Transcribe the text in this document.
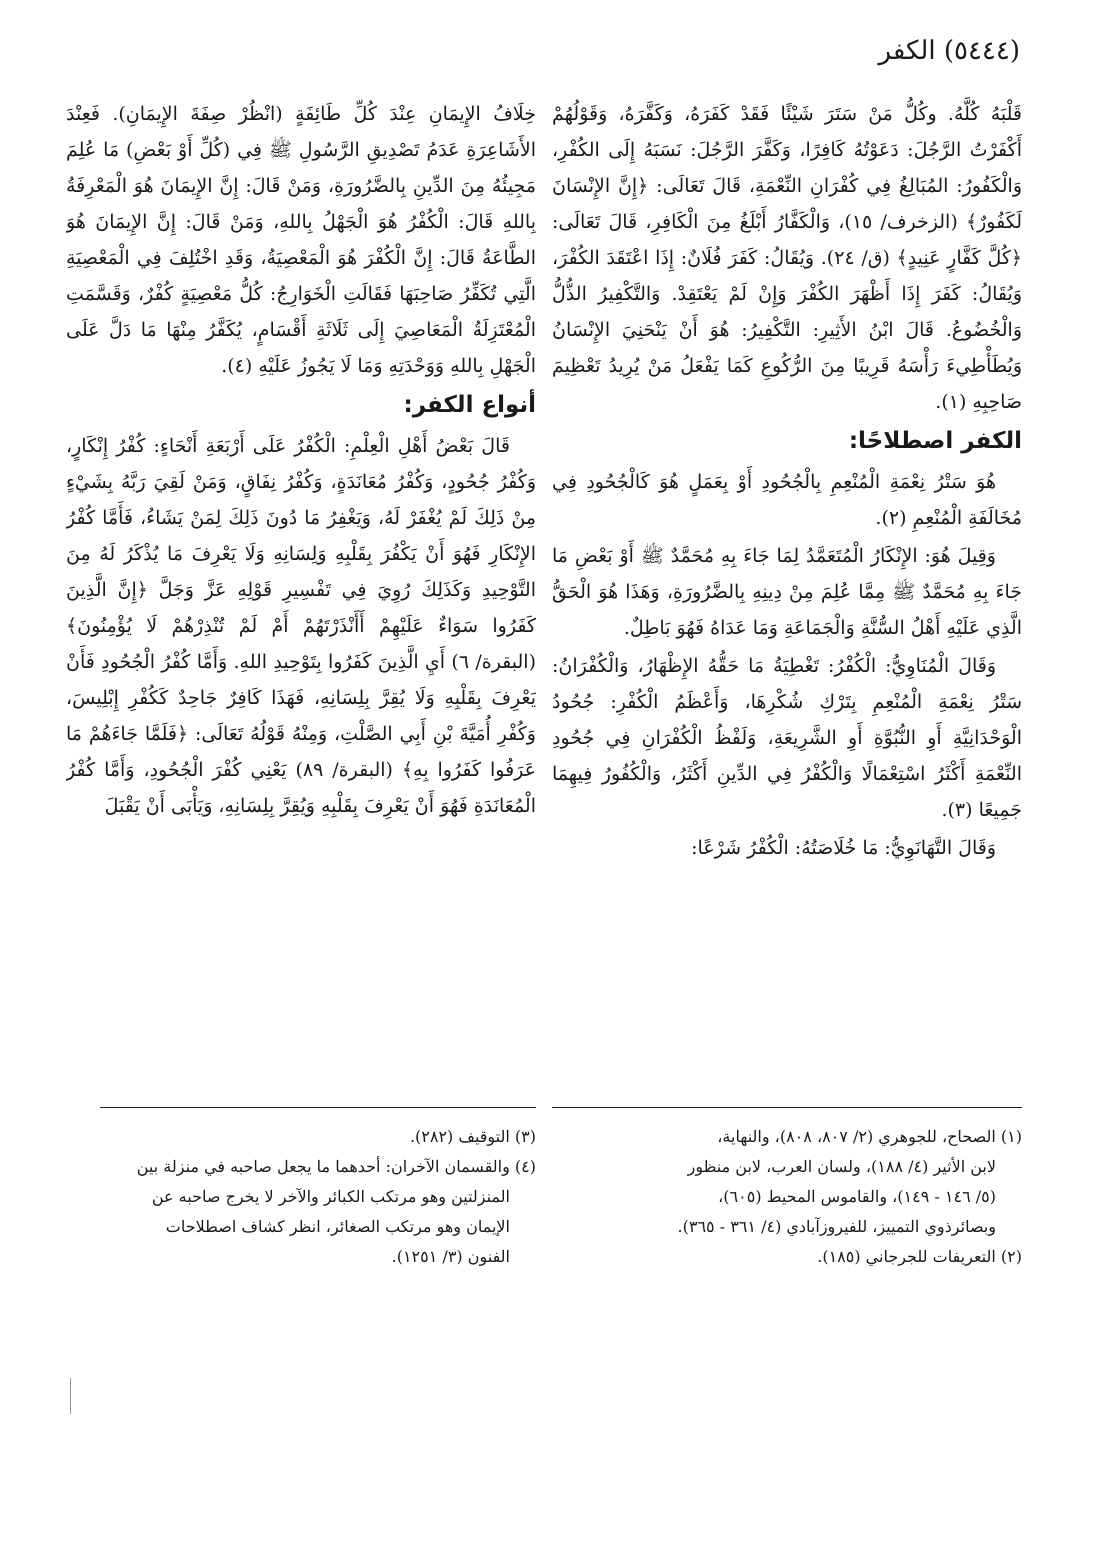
(٥٤٤٤) الكفر

قَلْبَهُ كُلَّهُ. وكُلُّ مَنْ سَتَرَ شَيْئًا فَقَدْ كَفَرَهُ، وَكَفَّرَهُ، وَقَوْلُهُمْ أَكْفَرْتُ الرَّجُلَ: دَعَوْتُهُ كَافِرًا، وَكَفَّرَ الرَّجُلَ: نَسَبَهُ إِلَى الكُفْرِ، وَالْكَفُورُ: المُبَالِغُ فِي كُفْرَانِ النِّعْمَةِ، قَالَ تَعَالَى: ﴿إِنَّ الإِنْسَانَ لَكَفُورٌ﴾ (الزخرف/ ١٥)، وَالْكَفَّارُ أَبْلَغُ مِنَ الْكَافِرِ، قَالَ تَعَالَى: ﴿كُلَّ كَفَّارٍ عَنِيدٍ﴾ (ق/ ٢٤). وَيُقَالُ: كَفَرَ فُلَانٌ: إِذَا اعْتَقَدَ الكُفْرَ، وَيُقَالُ: كَفَرَ إِذَا أَظْهَرَ الكُفْرَ وَإِنْ لَمْ يَعْتَقِدْ. وَالتَّكْفِيرُ الذُّلُّ وَالْخُضُوعُ. قَالَ ابْنُ الأَثِيرِ: التَّكْفِيرُ: هُوَ أَنْ يَنْحَنِيَ الإِنْسَانُ وَيُطَأْطِيءَ رَأْسَهُ قَرِيبًا مِنَ الرُّكُوعِ كَمَا يَفْعَلُ مَنْ يُرِيدُ تَعْظِيمَ صَاحِبِهِ (١).

الكفر اصطلاحًا:

هُوَ سَتْرُ نِعْمَةِ الْمُنْعِمِ بِالْجُحُودِ أَوْ بِعَمَلٍ هُوَ كَالْجُحُودِ فِي مُخَالَفَةِ الْمُنْعِمِ (٢).

وَقِيلَ هُوَ: الإِنْكَارُ الْمُتَعَمَّدُ لِمَا جَاءَ بِهِ مُحَمَّدٌ ﷺ أَوْ بَعْضِ مَا جَاءَ بِهِ مُحَمَّدٌ ﷺ مِمَّا عُلِمَ مِنْ دِينِهِ بِالضَّرُورَةِ، وَهَذَا هُوَ الْحَقُّ الَّذِي عَلَيْهِ أَهْلُ السُّنَّةِ وَالْجَمَاعَةِ وَمَا عَدَاهُ فَهُوَ بَاطِلٌ.

وَقَالَ الْمُنَاوِيُّ: الْكُفْرُ: تَغْطِيَةُ مَا حَقُّهُ الإِظْهَارُ، وَالْكُفْرَانُ: سَتْرُ نِعْمَةِ الْمُنْعِمِ بِتَرْكِ شُكْرِهَا، وَأَعْظَمُ الْكُفْرِ: جُحُودُ الْوَحْدَانِيَّةِ أَوِ النُّبُوَّةِ أَوِ الشَّرِيعَةِ، وَلَفْظُ الْكُفْرَانِ فِي جُحُودِ النِّعْمَةِ أَكْثَرُ اسْتِعْمَالًا وَالْكُفْرُ فِي الدِّينِ أَكْثَرُ، وَالْكُفُورُ فِيهِمَا جَمِيعًا (٣).

وَقَالَ التَّهَانَوِيُّ: مَا خُلَاصَتُهُ: الْكُفْرُ شَرْعًا:

خِلَافُ الإِيمَانِ عِنْدَ كُلِّ طَائِفَةٍ (انْظُرْ صِفَةَ الإِيمَانِ). فَعِنْدَ الأَشَاعِرَةِ عَدَمُ تَصْدِيقِ الرَّسُولِ ﷺ فِي (كُلِّ أَوْ بَعْضِ) مَا عُلِمَ مَجِيئُهُ مِنَ الدِّينِ بِالضَّرُورَةِ، وَمَنْ قَالَ: إِنَّ الإِيمَانَ هُوَ الْمَعْرِفَةُ بِاللهِ قَالَ: الْكُفْرُ هُوَ الْجَهْلُ بِاللهِ، وَمَنْ قَالَ: إِنَّ الإِيمَانَ هُوَ الطَّاعَةُ قَالَ: إِنَّ الْكُفْرَ هُوَ الْمَعْصِيَةُ، وَقَدِ اخْتُلِفَ فِي الْمَعْصِيَةِ الَّتِي تُكَفِّرُ صَاحِبَهَا فَقَالَتِ الْخَوَارِجُ: كُلُّ مَعْصِيَةٍ كُفْرٌ، وَقَسَّمَتِ الْمُعْتَزِلَةُ الْمَعَاصِيَ إِلَى ثَلَاثَةِ أَقْسَامٍ، يُكَفَّرُ مِنْهَا مَا دَلَّ عَلَى الْجَهْلِ بِاللهِ وَوَحْدَتِهِ وَمَا لَا يَجُوزُ عَلَيْهِ (٤).

أنواع الكفر:

قَالَ بَعْضُ أَهْلِ الْعِلْمِ: الْكُفْرُ عَلَى أَرْبَعَةِ أَنْحَاءٍ: كُفْرُ إِنْكَارٍ، وَكُفْرُ جُحُودٍ، وَكُفْرُ مُعَانَدَةٍ، وَكُفْرُ نِفَاقٍ، وَمَنْ لَقِيَ رَبَّهُ بِشَيْءٍ مِنْ ذَلِكَ لَمْ يُغْفَرْ لَهُ، وَيَغْفِرُ مَا دُونَ ذَلِكَ لِمَنْ يَشَاءُ، فَأَمَّا كُفْرُ الإِنْكَارِ فَهُوَ أَنْ يَكْفُرَ بِقَلْبِهِ وَلِسَانِهِ وَلَا يَعْرِفَ مَا يُذْكَرُ لَهُ مِنَ التَّوْحِيدِ وَكَذَلِكَ رُوِيَ فِي تَفْسِيرِ قَوْلِهِ عَزَّ وَجَلَّ ﴿إِنَّ الَّذِينَ كَفَرُوا سَوَاءٌ عَلَيْهِمْ أَأَنْذَرْتَهُمْ أَمْ لَمْ تُنْذِرْهُمْ لَا يُؤْمِنُونَ﴾ (البقرة/ ٦) أَيِ الَّذِينَ كَفَرُوا بِتَوْحِيدِ اللهِ. وَأَمَّا كُفْرُ الْجُحُودِ فَأَنْ يَعْرِفَ بِقَلْبِهِ وَلَا يُقِرَّ بِلِسَانِهِ، فَهَذَا كَافِرٌ جَاحِدٌ كَكُفْرِ إِبْلِيسَ، وَكُفْرِ أُمَيَّةَ بْنِ أَبِي الصَّلْتِ، وَمِنْهُ قَوْلُهُ تَعَالَى: ﴿فَلَمَّا جَاءَهُمْ مَا عَرَفُوا كَفَرُوا بِهِ﴾ (البقرة/ ٨٩) يَعْنِي كُفْرَ الْجُحُودِ، وَأَمَّا كُفْرُ الْمُعَانَدَةِ فَهُوَ أَنْ يَعْرِفَ بِقَلْبِهِ وَيُقِرَّ بِلِسَانِهِ، وَيَأْبَى أَنْ يَقْبَلَ

(١) الصحاح، للجوهري (٢/ ٨٠٧، ٨٠٨)، والنهاية،

لابن الأثير (٤/ ١٨٨)، ولسان العرب، لابن منظور

(٥/ ١٤٦ - ١٤٩)، والقاموس المحيط (٦٠٥)،

وبصائرذوي التمييز، للفيروزآبادي (٤/ ٣٦١ - ٣٦٥).

(٢) التعريفات للجرجاني (١٨٥).

(٣) التوقيف (٢٨٢).

(٤) والقسمان الآخران: أحدهما ما يجعل صاحبه في منزلة بين

المنزلتين وهو مرتكب الكبائر والآخر لا يخرج صاحبه عن

الإيمان وهو مرتكب الصغائر، انظر كشاف اصطلاحات

الفنون (٣/ ١٢٥١).
